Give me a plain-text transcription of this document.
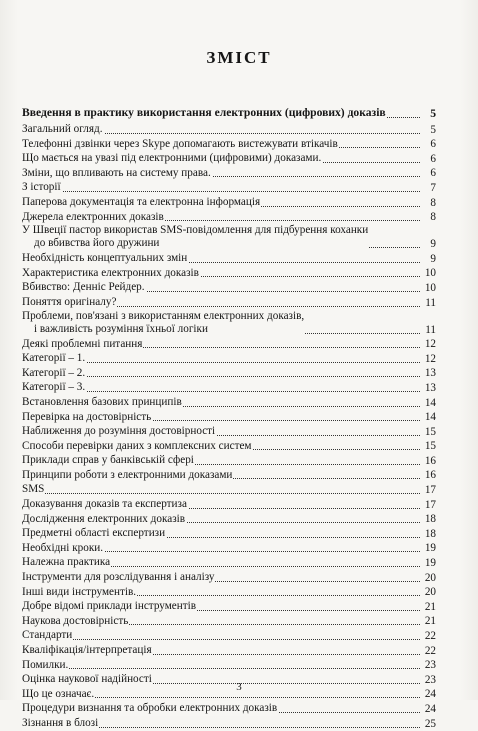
ЗМІСТ
Введення в практику використання електронних (цифрових) доказів	5
Загальний огляд.	5
Телефонні дзвінки через Skype допомагають вистежувати втікачів	6
Що мається на увазі під електронними (цифровими) доказами.	6
Зміни, що впливають на систему права.	6
З історії	7
Паперова документація та електронна інформація	8
Джерела електронних доказів	8
У Швеції пастор використав SMS-повідомлення для підбурення коханки
до вбивства його дружини	9
Необхідність концептуальних змін	9
Характеристика електронних доказів	10
Вбивство: Денніс Рейдер.	10
Поняття оригіналу?	11
Проблеми, пов'язані з використанням електронних доказів,
і важливість розуміння їхньої логіки	11
Деякі проблемні питання	12
Категорії – 1.	12
Категорії – 2.	13
Категорії – 3.	13
Встановлення базових принципів	14
Перевірка на достовірність	14
Наближення до розуміння достовірності	15
Способи перевірки даних з комплексних систем	15
Приклади справ у банківській сфері	16
Принципи роботи з електронними доказами	16
SMS	17
Доказування доказів та експертиза	17
Дослідження електронних доказів	18
Предметні області експертизи	18
Необхідні кроки.	19
Належна практика	19
Інструменти для розслідування і аналізу	20
Інші види інструментів.	20
Добре відомі приклади інструментів	21
Наукова достовірність	21
Стандарти	22
Кваліфікація/інтерпретація	22
Помилки.	23
Оцінка наукової надійності	23
Що це означає.	24
Процедури визнання та обробки електронних доказів	24
Зізнання в блозі	25
3
